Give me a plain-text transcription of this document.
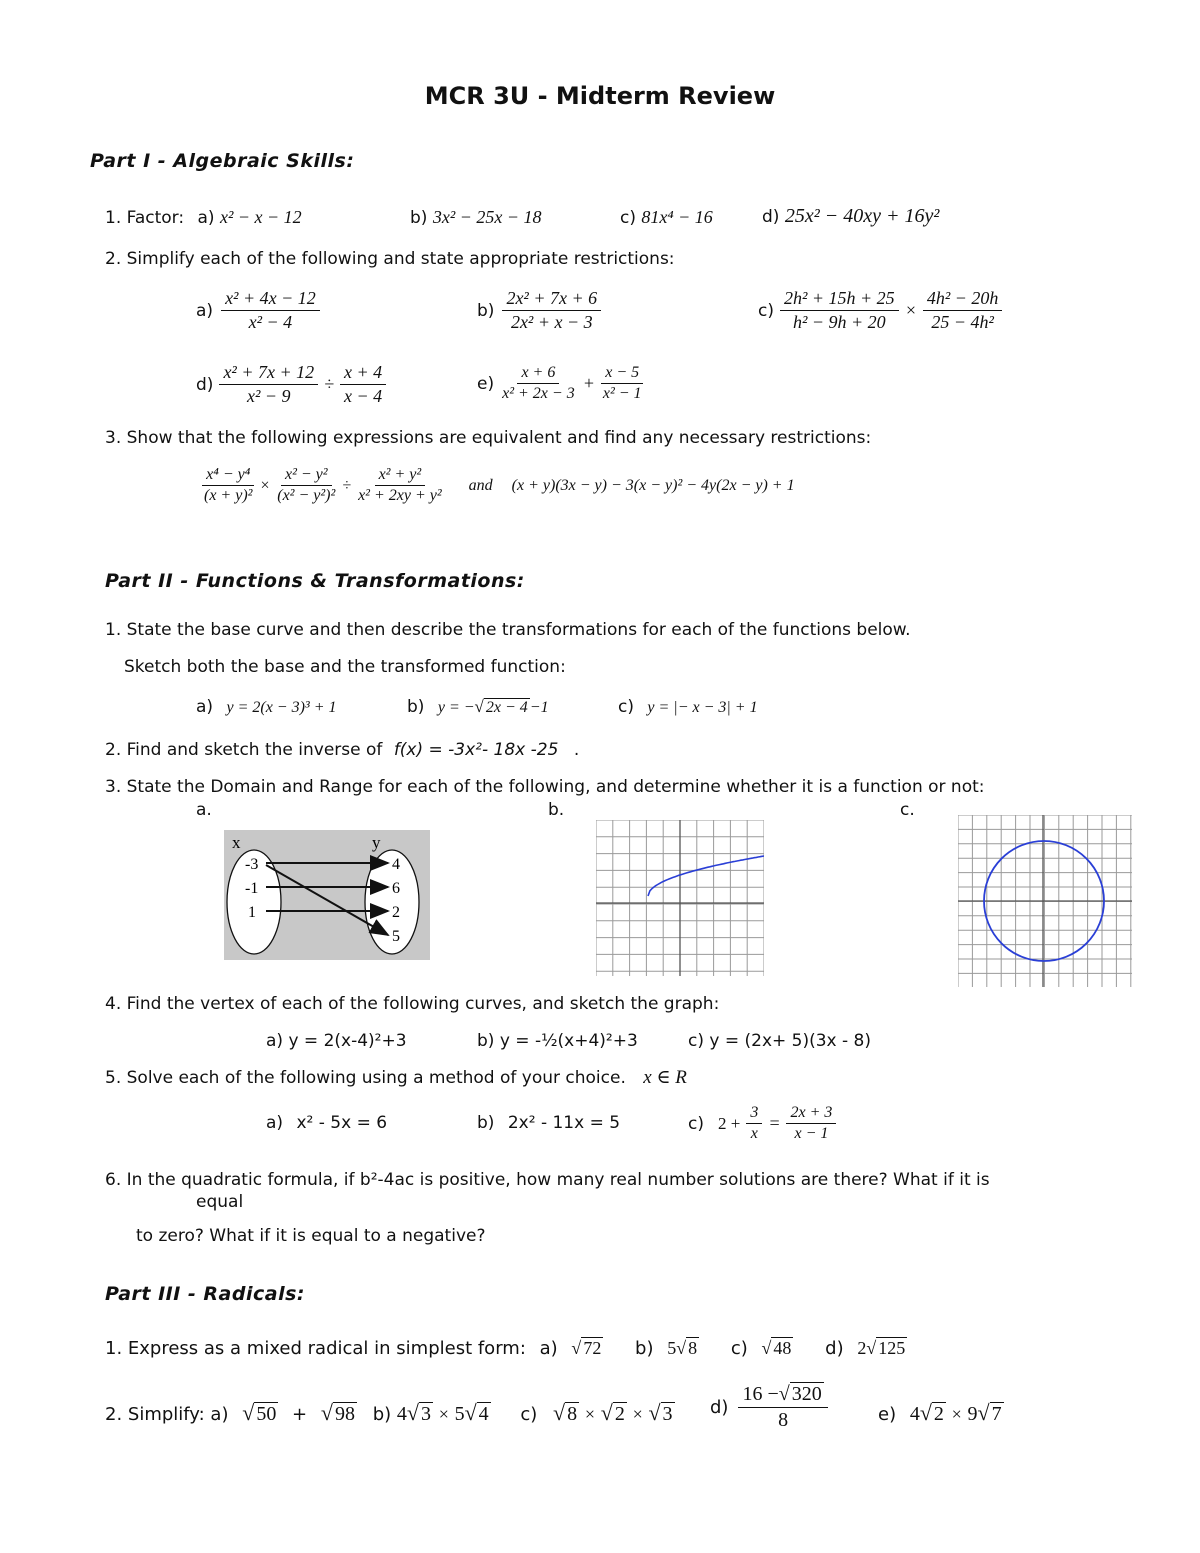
MCR 3U - Midterm Review
Part I - Algebraic Skills:
1. Factor: a) x² − x − 12	b) 3x² − 25x − 18	c) 81x⁴ − 16	d) 25x² − 40xy + 16y²
2. Simplify each of the following and state appropriate restrictions:
$a) \frac{\text{x² + 4x − 12}}{\text{x² − 4}}$	$b) \frac{\text{2x² + 7x + 6}}{\text{2x² + x − 3}}$	$c) \frac{\text{2h² + 15h + 25}}{\text{h² − 9h + 20}} \times \frac{\text{4h² − 20h}}{\text{25 − 4h²}}$
$d) \frac{\text{x² + 7x + 12}}{\text{x² − 9}} \div \frac{x + 4}{x - 4}$	$e) \frac{x + 6}{\text{x² + 2x − 3}} + \frac{x - 5}{\text{x² − 1}}$
3. Show that the following expressions are equivalent and find any necessary restrictions:
$\frac{\text{x⁴ − y⁴}}{\text{(x + y)²}} \times \frac{\text{x² − y²}}{\text{(x² − y²)²}} \div \frac{\text{x² + y²}}{\text{x² + 2xy + y²}}$ and (x + y)(3x − y) − 3(x − y)² − 4y(2x − y) + 1
Part II - Functions & Transformations:
1. State the base curve and then describe the transformations for each of the functions below.
Sketch both the base and the transformed function:
a) y = 2(x − 3)³ + 1	b) y = −√ 2x − 4 −1	c) y = |− x − 3| + 1
2. Find and sketch the inverse of f(x) = -3x²- 18x -25 .
3. State the Domain and Range for each of the following, and determine whether it is a function or not:
a.	b.	c.
x	y
-3
-1
1
4
6
2
5
4. Find the vertex of each of the following curves, and sketch the graph:
a) y = 2(x-4)²+3	b) y = -½(x+4)²+3	c) y = (2x+ 5)(3x - 8)
5. Solve each of the following using a method of your choice. x ∈ R
a) x² - 5x = 6	b) 2x² - 11x = 5	c) $2 + \frac{3}{x} = \frac{2x + 3}{x - 1}$
6. In the quadratic formula, if b²-4ac is positive, how many real number solutions are there? What if it is
equal
to zero? What if it is equal to a negative?
Part III - Radicals:
1. Express as a mixed radical in simplest form: a) √ 72 b) 5√ 8 c) √ 48 d) 2√ 125
2. Simplify: a) √ 50 + √ 98 b) 4√ 3 × 5√ 4 c) √ 8 × √ 2 × √ 3 $d) \frac{16 -√ 320}{8}$	e) 4√ 2 × 9√ 7
